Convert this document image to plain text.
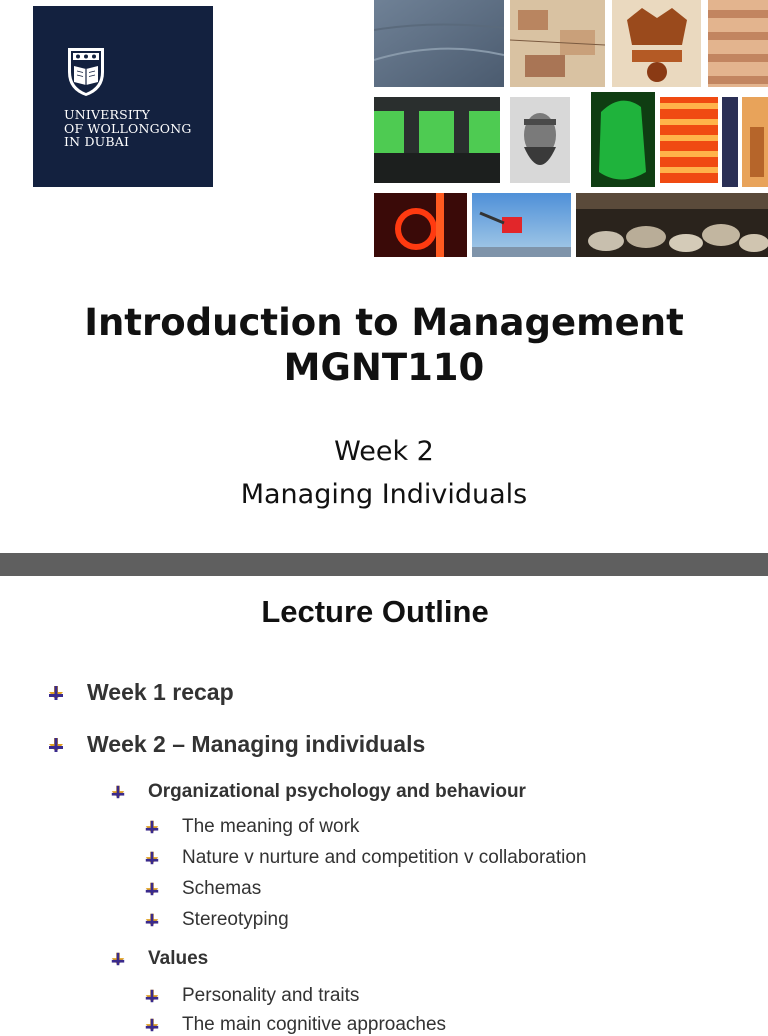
UNIVERSITY
OF WOLLONGONG
IN DUBAI
Introduction to Management
MGNT110
Week 2
Managing Individuals
Lecture Outline
Week 1 recap
Week 2 – Managing individuals
Organizational psychology and behaviour
The meaning of work
Nature v nurture and competition v collaboration
Schemas
Stereotyping
Values
Personality and traits
The main cognitive approaches
